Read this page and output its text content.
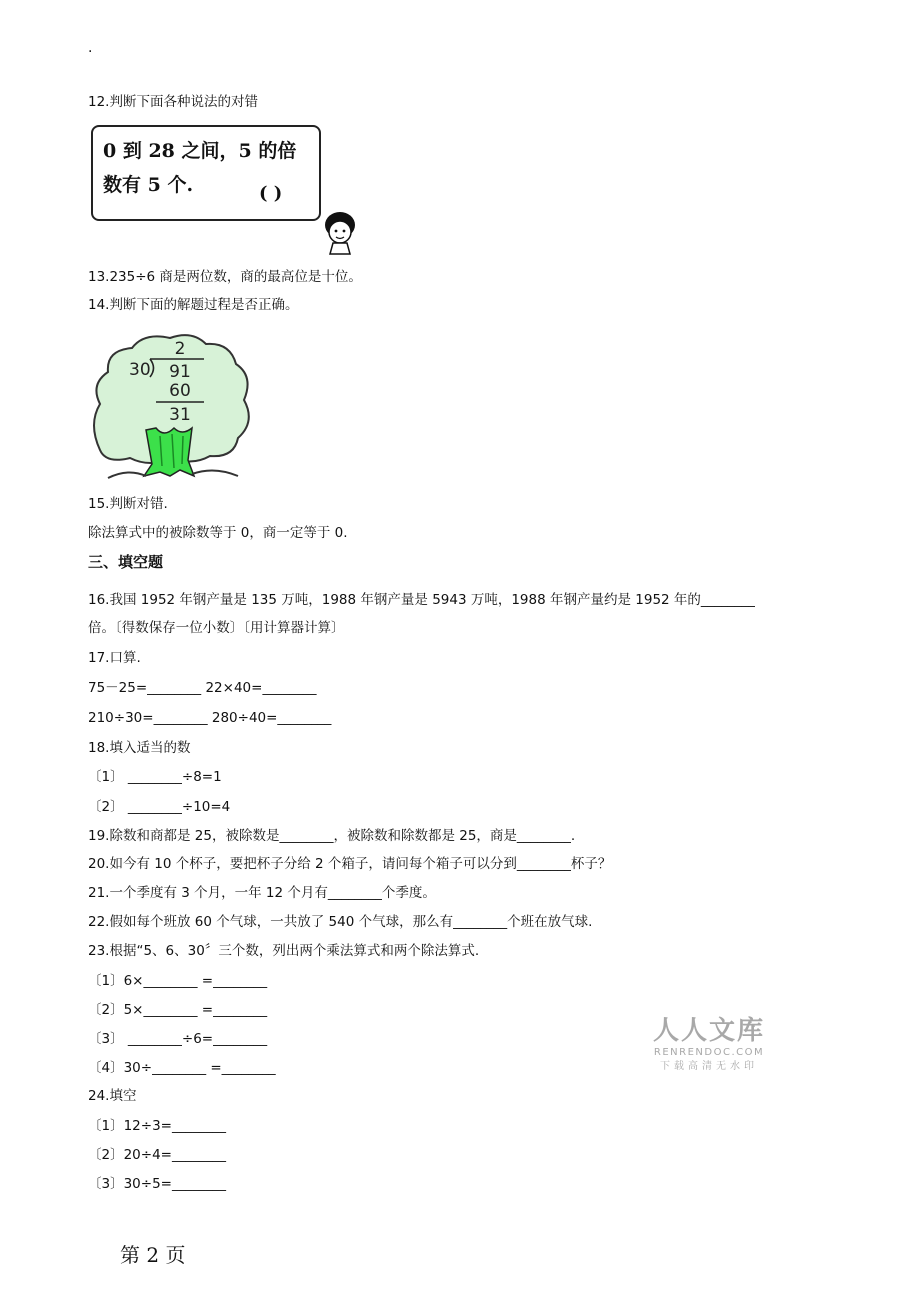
.
12.判断下面各种说法的对错
0 到 28 之间，5 的倍
数有 5 个.	( )
13.235÷6 商是两位数，商的最高位是十位。
14.判断下面的解题过程是否正确。
2
30 91
60
31
15.判断对错.
除法算式中的被除数等于 0，商一定等于 0.
三、填空题
16.我国 1952 年钢产量是 135 万吨，1988 年钢产量是 5943 万吨，1988 年钢产量约是 1952 年的________
倍。〔得数保存一位小数〕〔用计算器计算〕
17.口算.
75－25=________ 22×40=________
210÷30=________ 280÷40=________
18.填入适当的数
〔1〕 ________÷8=1
〔2〕 ________÷10=4
19.除数和商都是 25，被除数是________，被除数和除数都是 25，商是________.
20.如今有 10 个杯子，要把杯子分给 2 个箱子，请问每个箱子可以分到________杯子？
21.一个季度有 3 个月，一年 12 个月有________个季度。
22.假如每个班放 60 个气球，一共放了 540 个气球，那么有________个班在放气球.
23.根据“5、6、30〞三个数，列出两个乘法算式和两个除法算式.
〔1〕6×________ =________
〔2〕5×________ =________
〔3〕 ________÷6=________
〔4〕30÷________ =________
24.填空
〔1〕12÷3=________
〔2〕20÷4=________
〔3〕30÷5=________
人人文库
RENRENDOC.COM
下载高清无水印
第 2 页
